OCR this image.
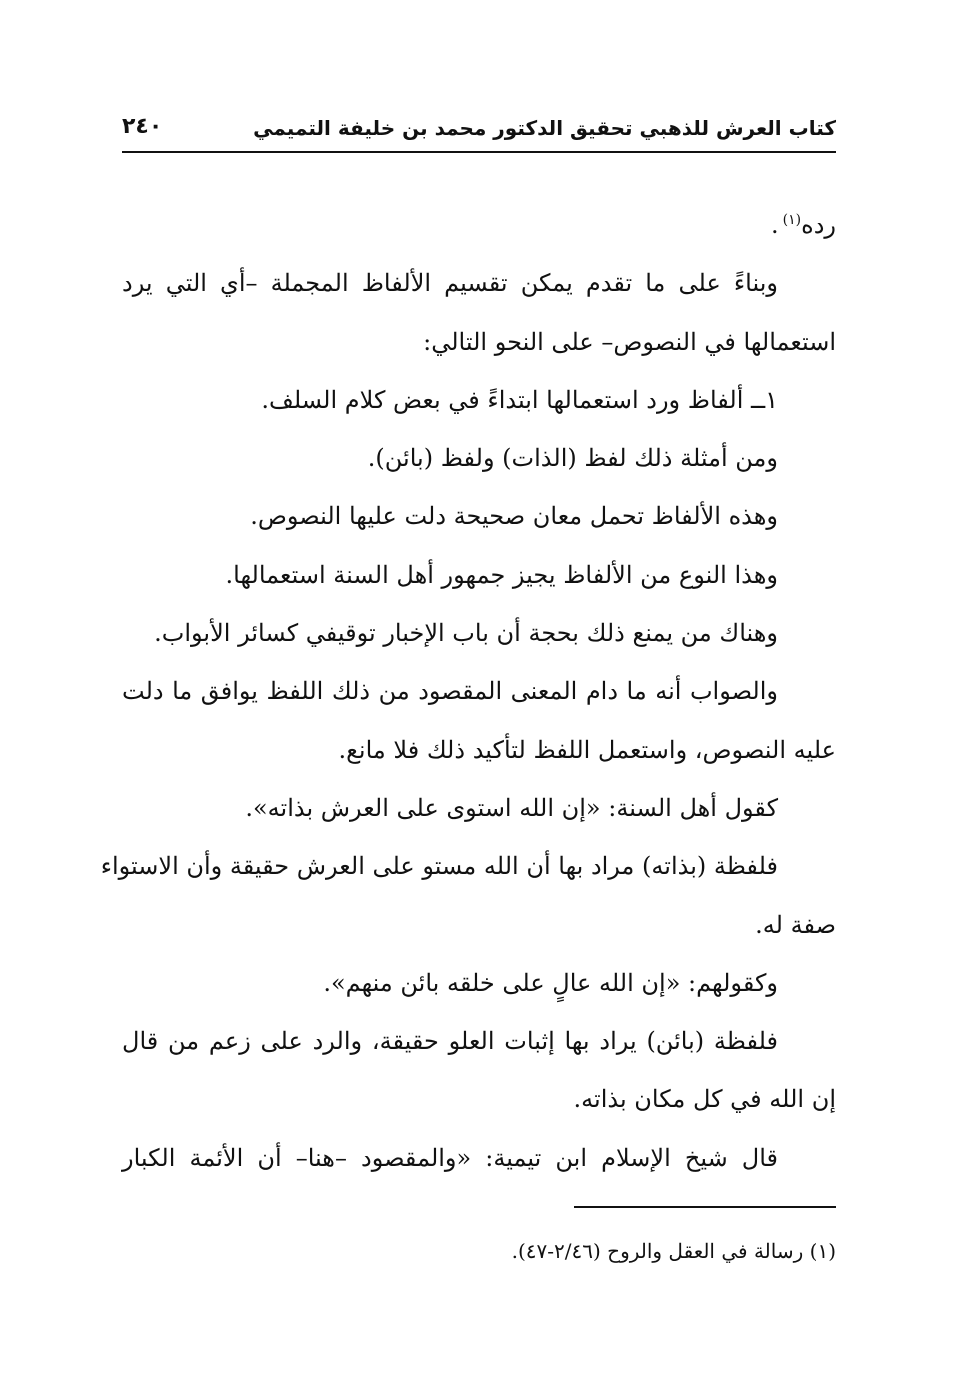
كتاب العرش للذهبي تحقيق الدكتور محمد بن خليفة التميمي
٢٤٠
رده$^{(١)}$.
وبناءً على ما تقدم يمكن تقسيم الألفاظ المجملة –أي التي يرد
استعمالها في النصوص– على النحو التالي:
١ــ ألفاظ ورد استعمالها ابتداءً في بعض كلام السلف.
ومن أمثلة ذلك لفظ (الذات) ولفظ (بائن).
وهذه الألفاظ تحمل معان صحيحة دلت عليها النصوص.
وهذا النوع من الألفاظ يجيز جمهور أهل السنة استعمالها.
وهناك من يمنع ذلك بحجة أن باب الإخبار توقيفي كسائر الأبواب.
والصواب أنه ما دام المعنى المقصود من ذلك اللفظ يوافق ما دلت
عليه النصوص، واستعمل اللفظ لتأكيد ذلك فلا مانع.
كقول أهل السنة: «إن الله استوى على العرش بذاته».
فلفظة (بذاته) مراد بها أن الله مستو على العرش حقيقة وأن الاستواء
صفة له.
وكقولهم: «إن الله عالٍ على خلقه بائن منهم».
فلفظة (بائن) يراد بها إثبات العلو حقيقة، والرد على زعم من قال
إن الله في كل مكان بذاته.
قال شيخ الإسلام ابن تيمية: «والمقصود –هنا– أن الأئمة الكبار
(١) رسالة في العقل والروح (٢/٤٦-٤٧).
